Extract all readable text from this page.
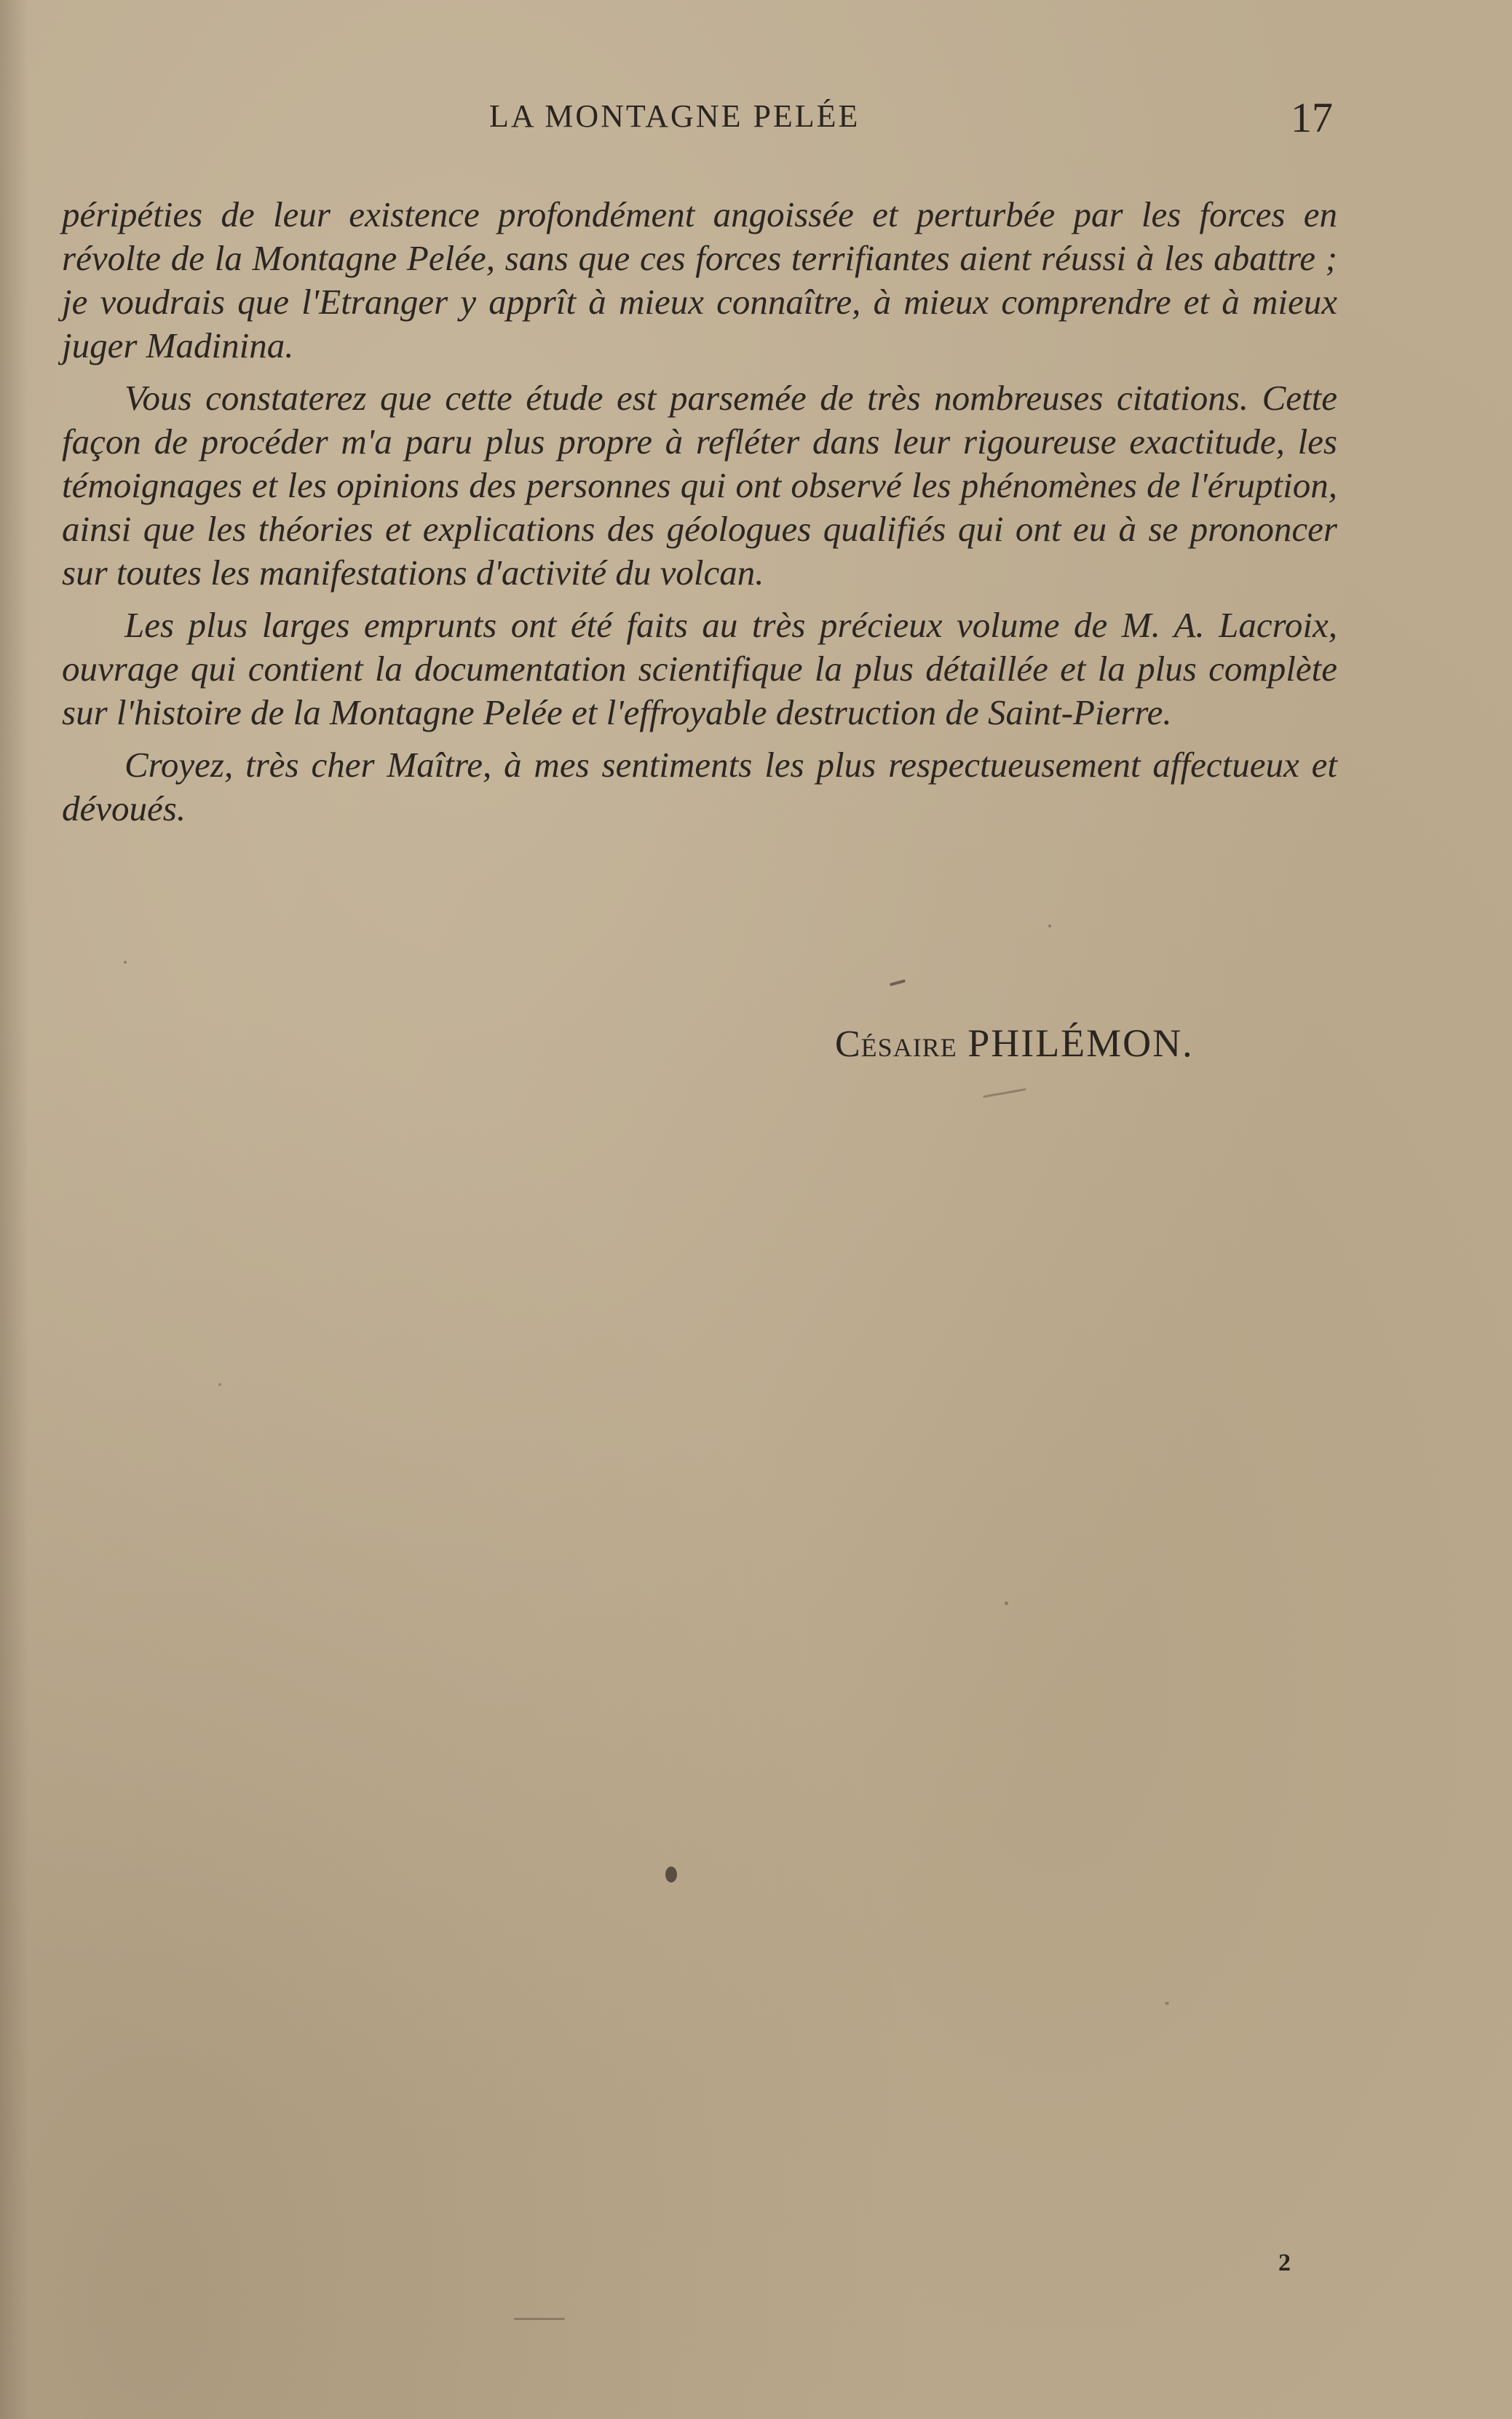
LA MONTAGNE PELÉE	17

péripéties de leur existence profondément angoissée et perturbée par les forces en révolte de la Montagne Pelée, sans que ces forces terrifiantes aient réussi à les abattre ; je voudrais que l'Etranger y apprît à mieux connaître, à mieux comprendre et à mieux juger Madinina.

Vous constaterez que cette étude est parsemée de très nombreuses citations. Cette façon de procéder m'a paru plus propre à refléter dans leur rigoureuse exactitude, les témoignages et les opinions des personnes qui ont observé les phénomènes de l'éruption, ainsi que les théories et explications des géologues qualifiés qui ont eu à se prononcer sur toutes les manifestations d'activité du volcan.

Les plus larges emprunts ont été faits au très précieux volume de M. A. Lacroix, ouvrage qui contient la documentation scientifique la plus détaillée et la plus complète sur l'histoire de la Montagne Pelée et l'effroyable destruction de Saint-Pierre.

Croyez, très cher Maître, à mes sentiments les plus respectueusement affectueux et dévoués.

Césaire PHILÉMON.
2
